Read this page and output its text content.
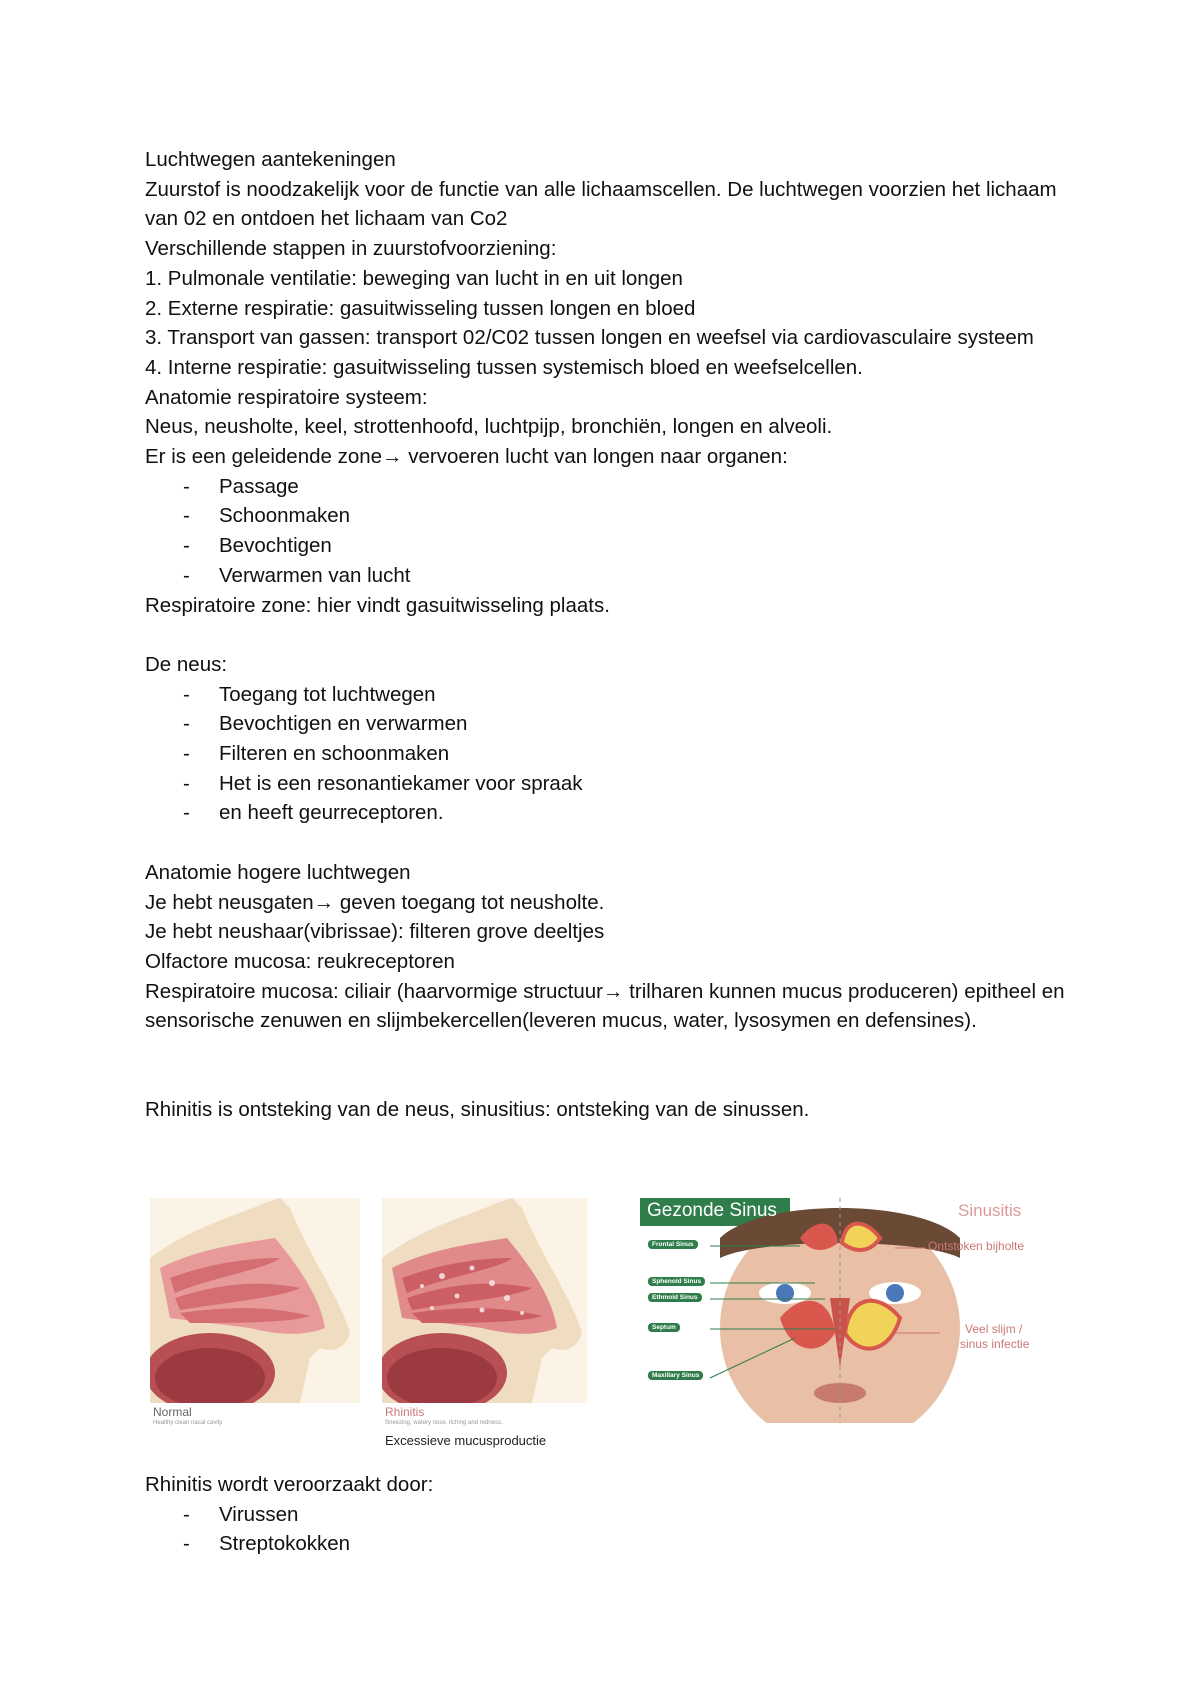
Luchtwegen aantekeningen

Zuurstof is noodzakelijk voor de functie van alle lichaamscellen. De luchtwegen voorzien het lichaam van 02 en ontdoen het lichaam van Co2

Verschillende stappen in zuurstofvoorziening:

1. Pulmonale ventilatie: beweging van lucht in en uit longen

2. Externe respiratie: gasuitwisseling tussen longen en bloed

3. Transport van gassen: transport 02/C02 tussen longen en weefsel via cardiovasculaire systeem

4. Interne respiratie: gasuitwisseling tussen systemisch bloed en weefselcellen.

Anatomie respiratoire systeem:

Neus, neusholte, keel, strottenhoofd, luchtpijp, bronchiën, longen en alveoli.

Er is een geleidende zone→ vervoeren lucht van longen naar organen:

- Passage
- Schoonmaken
- Bevochtigen
- Verwarmen van lucht

Respiratoire zone: hier vindt gasuitwisseling plaats.

De neus:

- Toegang tot luchtwegen
- Bevochtigen en verwarmen
- Filteren en schoonmaken
- Het is een resonantiekamer voor spraak
- en heeft geurreceptoren.

Anatomie hogere luchtwegen

Je hebt neusgaten→ geven toegang tot neusholte.

Je hebt neushaar(vibrissae): filteren grove deeltjes

Olfactore mucosa: reukreceptoren

Respiratoire mucosa: ciliair (haarvormige structuur→ trilharen kunnen mucus produceren) epitheel en sensorische zenuwen en slijmbekercellen(leveren mucus, water, lysosymen en defensines).

Rhinitis is ontsteking van de neus, sinusitius: ontsteking van de sinussen.

Normal
Healthy clean nasal cavity
Rhinitis
Sneezing, watery nose, itching and redness.
Excessieve mucusproductie
Gezonde Sinus	Sinusitis
Frontal Sinus
Sphenoid Sinus
Ethmoid Sinus
Septum
Maxillary Sinus
Ontstoken bijholte
Veel slijm /
sinus infectie

Rhinitis wordt veroorzaakt door:

- Virussen
- Streptokokken
